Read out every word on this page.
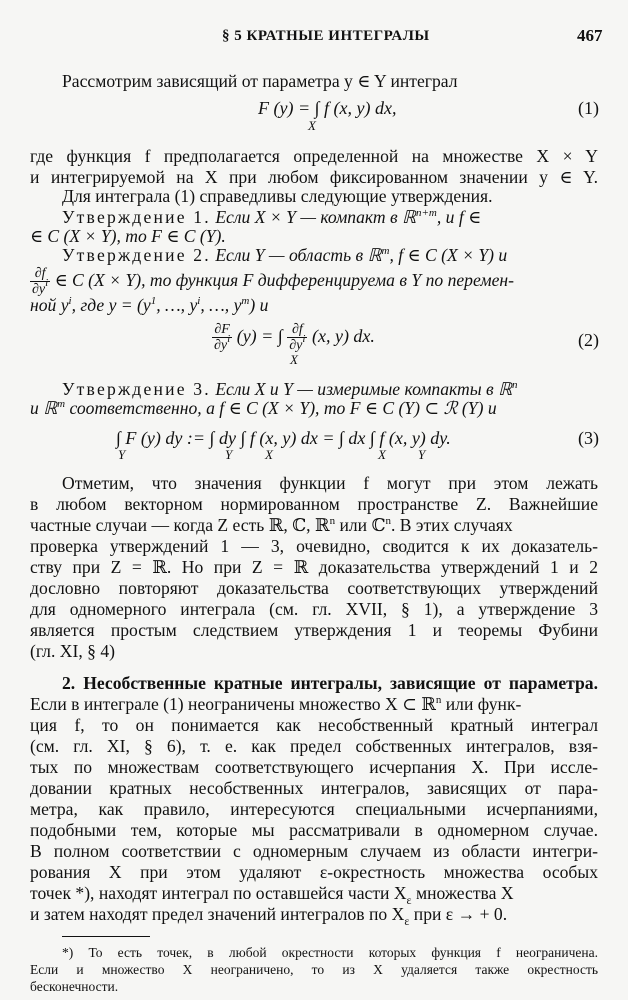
§ 5 КРАТНЫЕ ИНТЕГРАЛЫ	467
Рассмотрим зависящий от параметра y ∈ Y интеграл
F (y) = ∫ f (x, y) dx,
X
(1)
где функция f предполагается определенной на множестве X × Y
и интегрируемой на X при любом фиксированном значении y ∈ Y.
Для интеграла (1) справедливы следующие утверждения.
Утверждение 1. Если X × Y — компакт в ℝ$^{n+m}$, и f ∈
∈ C (X × Y), то F ∈ C (Y).
Утверждение 2. Если Y — область в ℝ$^m$, f ∈ C (X × Y) и
$\frac{\partial f}{\partial y^i}$ ∈ C (X × Y), то функция F дифференцируема в Y по перемен-
ной $y^i$, где $y = (y^1$, …, $y^i$, …, $y^m$) и
$\frac{\partial F}{\partial y^i} (y)$ = ∫ $\frac{\partial f}{\partial y^i} (x$, y) dx.
X
(2)
Утверждение 3. Если X и Y — измеримые компакты в ℝ$^n$
и ℝ$^m$ соответственно, а f ∈ C (X × Y), то F ∈ C (Y) ⊂ ℛ (Y) и
∫ F (y) dy := ∫ dy ∫ f (x, y) dx = ∫ dx ∫ f (x, y) dy.
Y	Y	X	X Y
(3)
Отметим, что значения функции f могут при этом лежать
в любом векторном нормированном пространстве Z. Важнейшие
частные случаи — когда Z есть ℝ, ℂ, ℝ$^n$ или ℂ$^n$. В этих случаях
проверка утверждений 1 — 3, очевидно, сводится к их доказатель-
ству при Z = ℝ. Но при Z = ℝ доказательства утверждений 1 и 2
дословно повторяют доказательства соответствующих утверждений
для одномерного интеграла (см. гл. XVII, § 1), а утверждение 3
является простым следствием утверждения 1 и теоремы Фубини
(гл. XI, § 4)
2. Несобственные кратные интегралы, зависящие от параметра.
Если в интеграле (1) неограничены множество X ⊂ ℝ$^n$ или функ-
ция f, то он понимается как несобственный кратный интеграл
(см. гл. XI, § 6), т. е. как предел собственных интегралов, взя-
тых по множествам соответствующего исчерпания X. При иссле-
довании кратных несобственных интегралов, зависящих от пара-
метра, как правило, интересуются специальными исчерпаниями,
подобными тем, которые мы рассматривали в одномерном случае.
В полном соответствии с одномерным случаем из области интегри-
рования X при этом удаляют ε-окрестность множества особых
точек *), находят интеграл по оставшейся части $X_\varepsilon$ множества X
и затем находят предел значений интегралов по $X_\varepsilon$ при ε → + 0.
*) То есть точек, в любой окрестности которых функция f неограничена.
Если и множество X неограничено, то из X удаляется также окрестность
бесконечности.
